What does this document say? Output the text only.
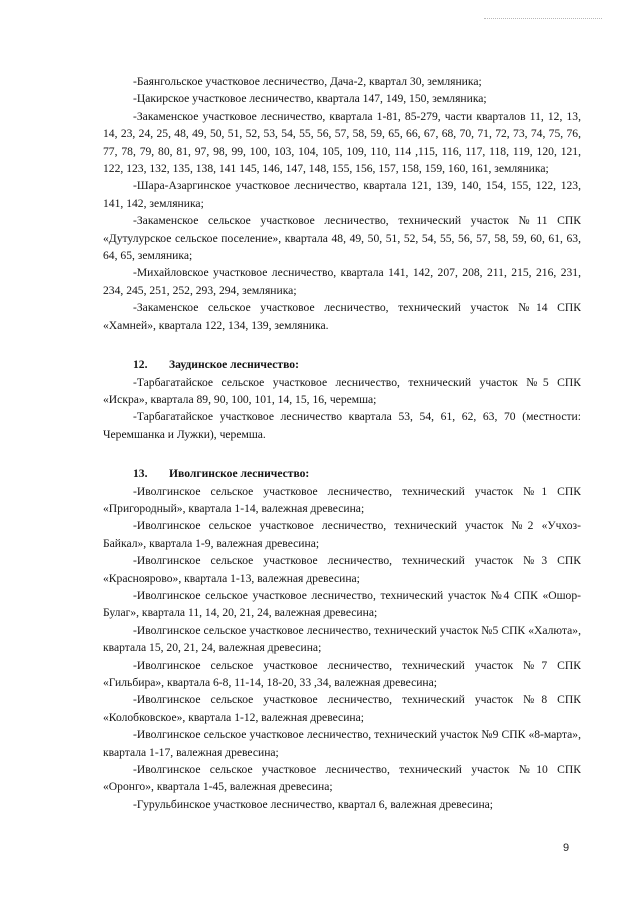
-Баянгольское участковое лесничество, Дача-2, квартал 30, земляника;

-Цакирское участковое лесничество, квартала 147, 149, 150, земляника;

-Закаменское участковое лесничество, квартала 1-81, 85-279, части кварталов 11, 12, 13, 14, 23, 24, 25, 48, 49, 50, 51, 52, 53, 54, 55, 56, 57, 58, 59, 65, 66, 67, 68, 70, 71, 72, 73, 74, 75, 76, 77, 78, 79, 80, 81, 97, 98, 99, 100, 103, 104, 105, 109, 110, 114 ,115, 116, 117, 118, 119, 120, 121, 122, 123, 132, 135, 138, 141 145, 146, 147, 148, 155, 156, 157, 158, 159, 160, 161, земляника;

-Шара-Азаргинское участковое лесничество, квартала 121, 139, 140, 154, 155, 122, 123, 141, 142, земляника;

-Закаменское сельское участковое лесничество, технический участок №11 СПК «Дутулурское сельское поселение», квартала 48, 49, 50, 51, 52, 54, 55, 56, 57, 58, 59, 60, 61, 63, 64, 65, земляника;

-Михайловское участковое лесничество, квартала 141, 142, 207, 208, 211, 215, 216, 231, 234, 245, 251, 252, 293, 294, земляника;

-Закаменское сельское участковое лесничество, технический участок №14 СПК «Хамней», квартала 122, 134, 139, земляника.

12. Заудинское лесничество:

-Тарбагатайское сельское участковое лесничество, технический участок №5 СПК «Искра», квартала 89, 90, 100, 101, 14, 15, 16, черемша;

-Тарбагатайское участковое лесничество квартала 53, 54, 61, 62, 63, 70 (местности: Черемшанка и Лужки), черемша.

13. Иволгинское лесничество:

-Иволгинское сельское участковое лесничество, технический участок №1 СПК «Пригородный», квартала 1-14, валежная древесина;

-Иволгинское сельское участковое лесничество, технический участок №2 «Учхоз-Байкал», квартала 1-9, валежная древесина;

-Иволгинское сельское участковое лесничество, технический участок №3 СПК «Красноярово», квартала 1-13, валежная древесина;

-Иволгинское сельское участковое лесничество, технический участок №4 СПК «Ошор-Булаг», квартала 11, 14, 20, 21, 24, валежная древесина;

-Иволгинское сельское участковое лесничество, технический участок №5 СПК «Халюта», квартала 15, 20, 21, 24, валежная древесина;

-Иволгинское сельское участковое лесничество, технический участок №7 СПК «Гильбира», квартала 6-8, 11-14, 18-20, 33 ,34, валежная древесина;

-Иволгинское сельское участковое лесничество, технический участок №8 СПК «Колобковское», квартала 1-12, валежная древесина;

-Иволгинское сельское участковое лесничество, технический участок №9 СПК «8-марта», квартала 1-17, валежная древесина;

-Иволгинское сельское участковое лесничество, технический участок №10 СПК «Оронго», квартала 1-45, валежная древесина;

-Гурульбинское участковое лесничество, квартал 6, валежная древесина;

9
